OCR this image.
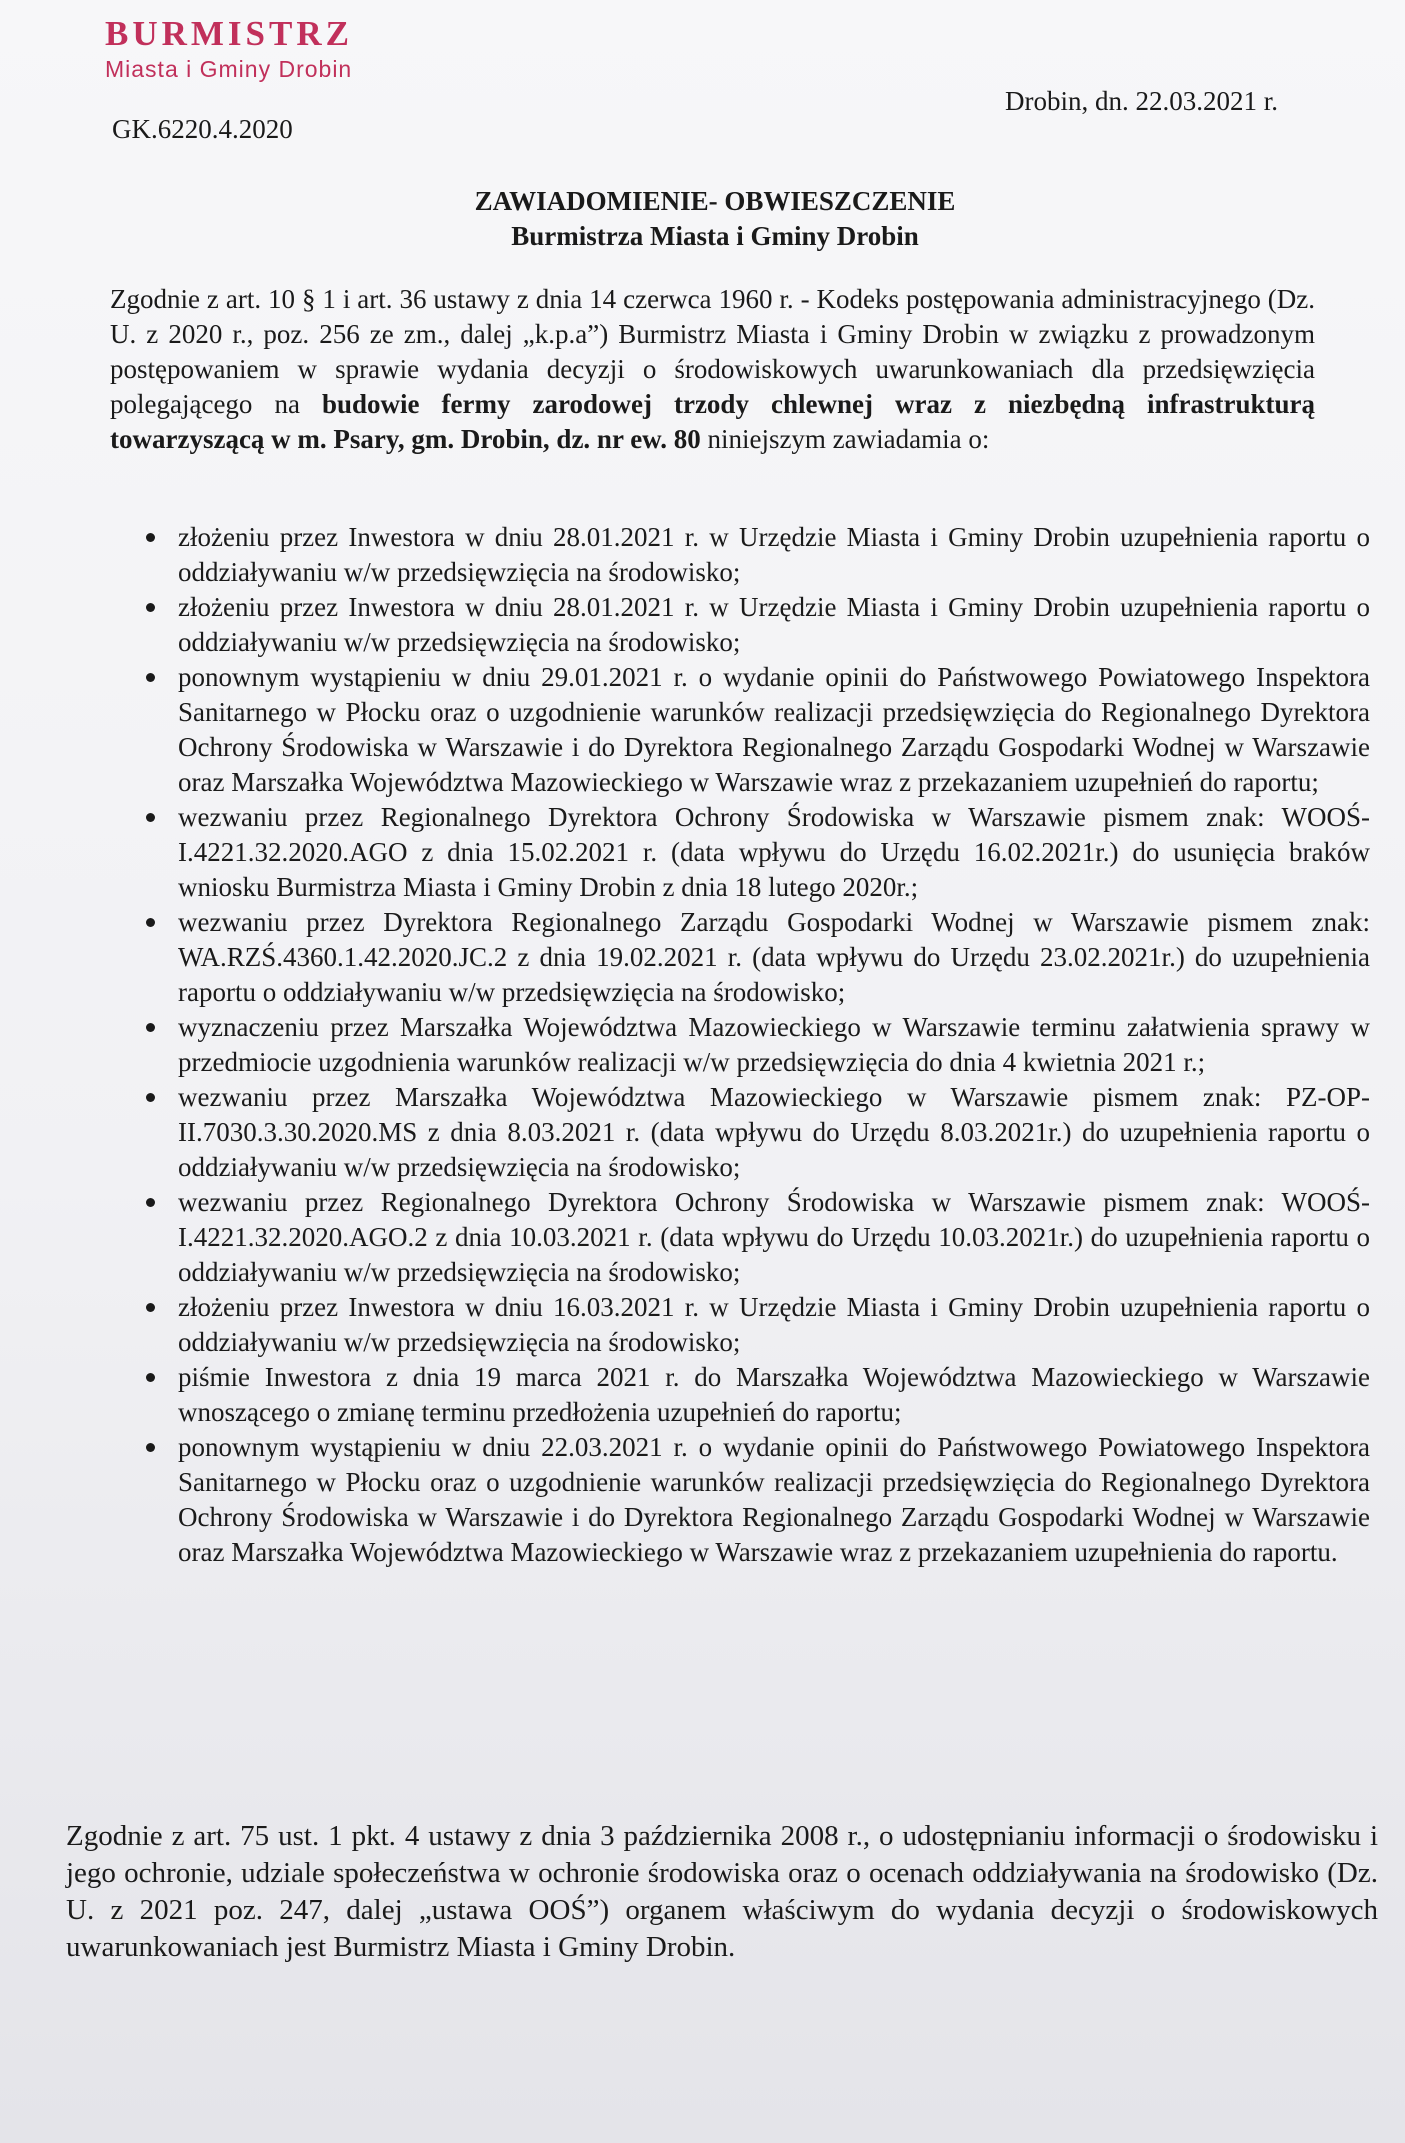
BURMISTRZ
Miasta i Gminy Drobin
GK.6220.4.2020
Drobin, dn. 22.03.2021 r.
ZAWIADOMIENIE- OBWIESZCZENIE
Burmistrza Miasta i Gminy Drobin
Zgodnie z art. 10 § 1 i art. 36 ustawy z dnia 14 czerwca 1960 r. - Kodeks postępowania administracyjnego (Dz. U. z 2020 r., poz. 256 ze zm., dalej „k.p.a”) Burmistrz Miasta i Gminy Drobin w związku z prowadzonym postępowaniem w sprawie wydania decyzji o środowiskowych uwarunkowaniach dla przedsięwzięcia polegającego na budowie fermy zarodowej trzody chlewnej wraz z niezbędną infrastrukturą towarzyszącą w m. Psary, gm. Drobin, dz. nr ew. 80 niniejszym zawiadamia o:
złożeniu przez Inwestora w dniu 28.01.2021 r. w Urzędzie Miasta i Gminy Drobin uzupełnienia raportu o oddziaływaniu w/w przedsięwzięcia na środowisko;
złożeniu przez Inwestora w dniu 28.01.2021 r. w Urzędzie Miasta i Gminy Drobin uzupełnienia raportu o oddziaływaniu w/w przedsięwzięcia na środowisko;
ponownym wystąpieniu w dniu 29.01.2021 r. o wydanie opinii do Państwowego Powiatowego Inspektora Sanitarnego w Płocku oraz o uzgodnienie warunków realizacji przedsięwzięcia do Regionalnego Dyrektora Ochrony Środowiska w Warszawie i do Dyrektora Regionalnego Zarządu Gospodarki Wodnej w Warszawie oraz Marszałka Województwa Mazowieckiego w Warszawie wraz z przekazaniem uzupełnień do raportu;
wezwaniu przez Regionalnego Dyrektora Ochrony Środowiska w Warszawie pismem znak: WOOŚ-I.4221.32.2020.AGO z dnia 15.02.2021 r. (data wpływu do Urzędu 16.02.2021r.) do usunięcia braków wniosku Burmistrza Miasta i Gminy Drobin z dnia 18 lutego 2020r.;
wezwaniu przez Dyrektora Regionalnego Zarządu Gospodarki Wodnej w Warszawie pismem znak: WA.RZŚ.4360.1.42.2020.JC.2 z dnia 19.02.2021 r. (data wpływu do Urzędu 23.02.2021r.) do uzupełnienia raportu o oddziaływaniu w/w przedsięwzięcia na środowisko;
wyznaczeniu przez Marszałka Województwa Mazowieckiego w Warszawie terminu załatwienia sprawy w przedmiocie uzgodnienia warunków realizacji w/w przedsięwzięcia do dnia 4 kwietnia 2021 r.;
wezwaniu przez Marszałka Województwa Mazowieckiego w Warszawie pismem znak: PZ-OP-II.7030.3.30.2020.MS z dnia 8.03.2021 r. (data wpływu do Urzędu 8.03.2021r.) do uzupełnienia raportu o oddziaływaniu w/w przedsięwzięcia na środowisko;
wezwaniu przez Regionalnego Dyrektora Ochrony Środowiska w Warszawie pismem znak: WOOŚ-I.4221.32.2020.AGO.2 z dnia 10.03.2021 r. (data wpływu do Urzędu 10.03.2021r.) do uzupełnienia raportu o oddziaływaniu w/w przedsięwzięcia na środowisko;
złożeniu przez Inwestora w dniu 16.03.2021 r. w Urzędzie Miasta i Gminy Drobin uzupełnienia raportu o oddziaływaniu w/w przedsięwzięcia na środowisko;
piśmie Inwestora z dnia 19 marca 2021 r. do Marszałka Województwa Mazowieckiego w Warszawie wnoszącego o zmianę terminu przedłożenia uzupełnień do raportu;
ponownym wystąpieniu w dniu 22.03.2021 r. o wydanie opinii do Państwowego Powiatowego Inspektora Sanitarnego w Płocku oraz o uzgodnienie warunków realizacji przedsięwzięcia do Regionalnego Dyrektora Ochrony Środowiska w Warszawie i do Dyrektora Regionalnego Zarządu Gospodarki Wodnej w Warszawie oraz Marszałka Województwa Mazowieckiego w Warszawie wraz z przekazaniem uzupełnienia do raportu.
Zgodnie z art. 75 ust. 1 pkt. 4 ustawy z dnia 3 października 2008 r., o udostępnianiu informacji o środowisku i jego ochronie, udziale społeczeństwa w ochronie środowiska oraz o ocenach oddziaływania na środowisko (Dz. U. z 2021 poz. 247, dalej „ustawa OOŚ”) organem właściwym do wydania decyzji o środowiskowych uwarunkowaniach jest Burmistrz Miasta i Gminy Drobin.
